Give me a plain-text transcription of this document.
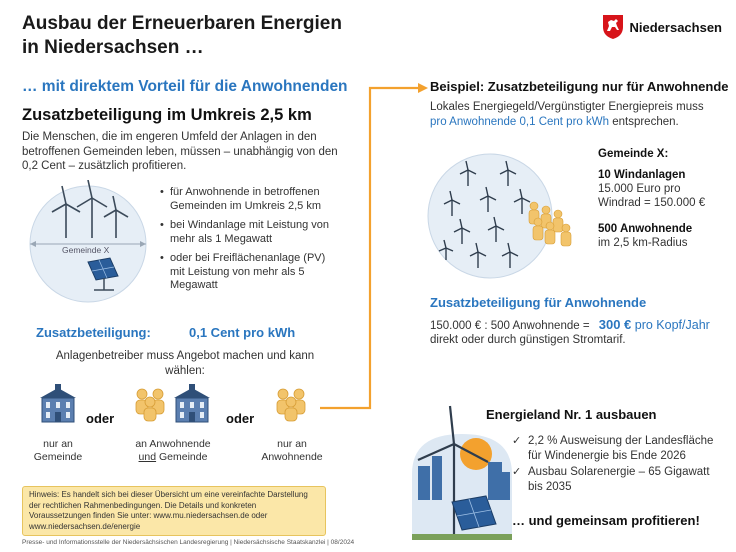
Ausbau der Erneuerbaren Energien
in Niedersachsen …
Niedersachsen
… mit direktem Vorteil für die Anwohnenden
Zusatzbeteiligung im Umkreis 2,5 km
Die Menschen, die im engeren Umfeld der Anlagen in den betroffenen Gemeinden leben, müssen – unabhängig von den 0,2 Cent – zusätzlich profitieren.
Gemeinde X
• für Anwohnende in betroffenen Gemeinden im Umkreis 2,5 km
• bei Windanlage mit Leistung von mehr als 1 Megawatt
• oder bei Freiflächenanlage (PV) mit Leistung von mehr als 5 Megawatt
Zusatzbeteiligung:	0,1 Cent pro kWh
Anlagenbetreiber muss Angebot machen und kann wählen:
nur an
Gemeinde
oder
an Anwohnende
und Gemeinde
oder
nur an
Anwohnende
Hinweis: Es handelt sich bei dieser Übersicht um eine vereinfachte Darstellung der rechtlichen Rahmenbedingungen. Die Details und konkreten Voraussetzungen finden Sie unter: www.mu.niedersachsen.de oder www.niedersachsen.de/energie
Presse- und Informationsstelle der Niedersächsischen Landesregierung | Niedersächsische Staatskanzlei | 08/2024
Beispiel: Zusatzbeteiligung nur für Anwohnende
Lokales Energiegeld/Vergünstigter Energiepreis muss
pro Anwohnende 0,1 Cent pro kWh entsprechen.
Gemeinde X:
10 Windanlagen
15.000 Euro pro
Windrad = 150.000 €
500 Anwohnende
im 2,5 km-Radius
Zusatzbeteiligung für Anwohnende
150.000 € : 500 Anwohnende = 300 € pro Kopf/Jahr
direkt oder durch günstigen Stromtarif.
Energieland Nr. 1 ausbauen
✓ 2,2 % Ausweisung der Landesfläche für Windenergie bis Ende 2026
✓ Ausbau Solarenergie – 65 Gigawatt bis 2035
… und gemeinsam profitieren!
